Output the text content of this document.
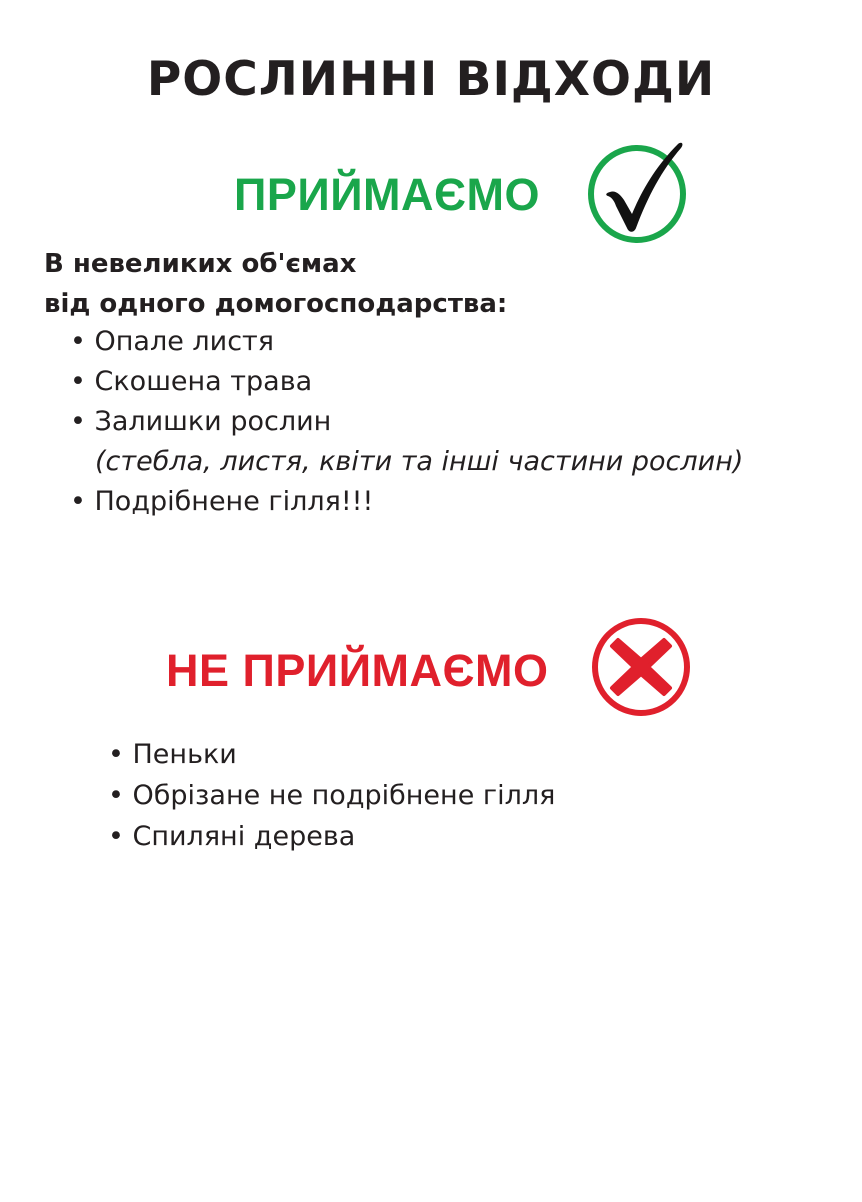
РОСЛИННІ ВІДХОДИ
ПРИЙМАЄМО
В невеликих об'ємах
від одного домогосподарства:
• Опале листя
• Скошена трава
• Залишки рослин
(стебла, листя, квіти та інші частини рослин)
• Подрібнене гілля!!!
НЕ ПРИЙМАЄМО
• Пеньки
• Обрізане не подрібнене гілля
• Спиляні дерева
